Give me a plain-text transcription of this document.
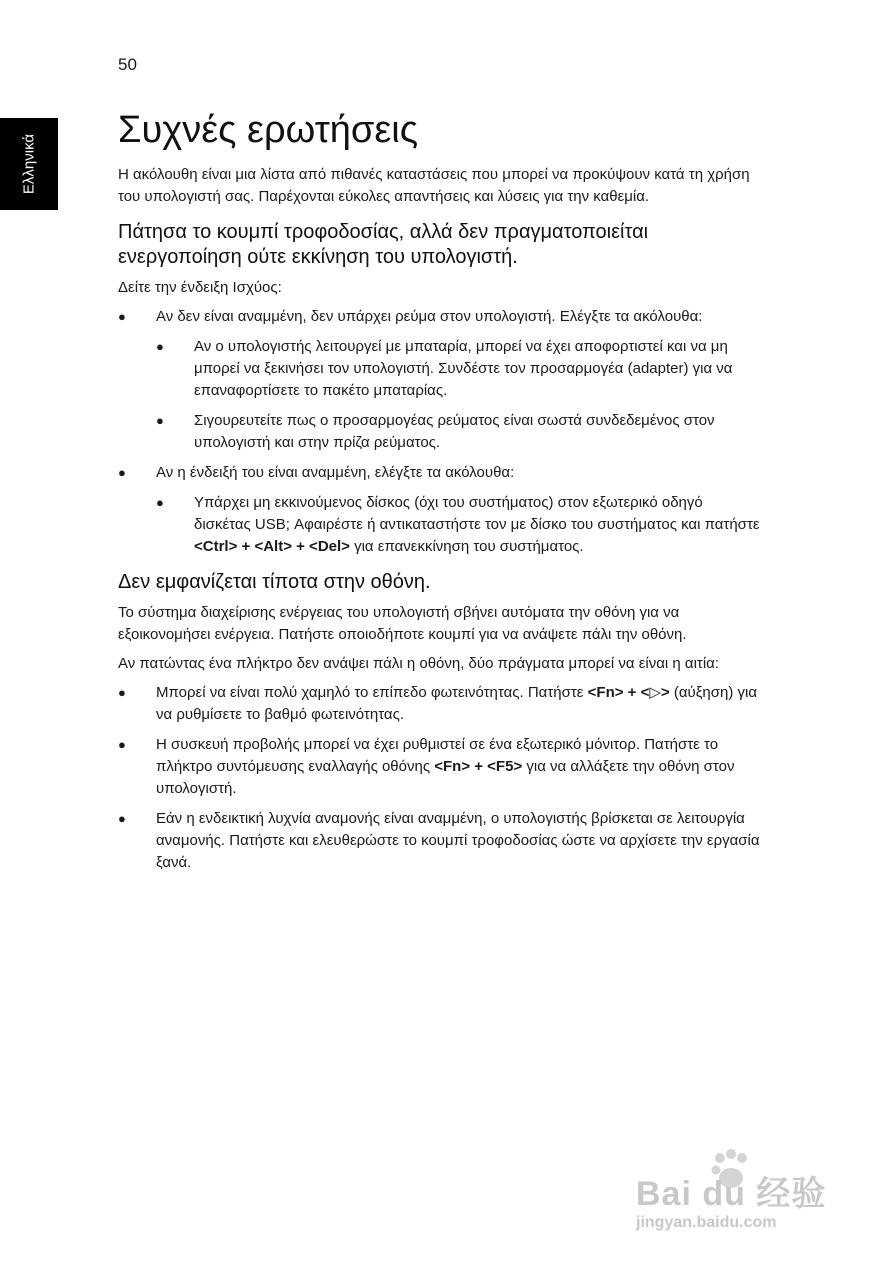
50
Ελληνικά
Συχνές ερωτήσεις

Η ακόλουθη είναι μια λίστα από πιθανές καταστάσεις που μπορεί να προκύψουν κατά τη χρήση του υπολογιστή σας. Παρέχονται εύκολες απαντήσεις και λύσεις για την καθεμία.

Πάτησα το κουμπί τροφοδοσίας, αλλά δεν πραγματοποιείται ενεργοποίηση ούτε εκκίνηση του υπολογιστή.

Δείτε την ένδειξη Ισχύος:

● Αν δεν είναι αναμμένη, δεν υπάρχει ρεύμα στον υπολογιστή. Ελέγξτε τα ακόλουθα:
● Αν ο υπολογιστής λειτουργεί με μπαταρία, μπορεί να έχει αποφορτιστεί και να μη μπορεί να ξεκινήσει τον υπολογιστή. Συνδέστε τον προσαρμογέα (adapter) για να επαναφορτίσετε το πακέτο μπαταρίας.
● Σιγουρευτείτε πως ο προσαρμογέας ρεύματος είναι σωστά συνδεδεμένος στον υπολογιστή και στην πρίζα ρεύματος.
● Αν η ένδειξή του είναι αναμμένη, ελέγξτε τα ακόλουθα:
● Υπάρχει μη εκκινούμενος δίσκος (όχι του συστήματος) στον εξωτερικό οδηγό δισκέτας USB; Αφαιρέστε ή αντικαταστήστε τον με δίσκο του συστήματος και πατήστε <Ctrl> + <Alt> + <Del> για επανεκκίνηση του συστήματος.
Δεν εμφανίζεται τίποτα στην οθόνη.

Το σύστημα διαχείρισης ενέργειας του υπολογιστή σβήνει αυτόματα την οθόνη για να εξοικονομήσει ενέργεια. Πατήστε οποιοδήποτε κουμπί για να ανάψετε πάλι την οθόνη.

Αν πατώντας ένα πλήκτρο δεν ανάψει πάλι η οθόνη, δύο πράγματα μπορεί να είναι η αιτία:

● Μπορεί να είναι πολύ χαμηλό το επίπεδο φωτεινότητας. Πατήστε <Fn> + <▷> (αύξηση) για να ρυθμίσετε το βαθμό φωτεινότητας.
● Η συσκευή προβολής μπορεί να έχει ρυθμιστεί σε ένα εξωτερικό μόνιτορ. Πατήστε το πλήκτρο συντόμευσης εναλλαγής οθόνης <Fn> + <F5> για να αλλάξετε την οθόνη στον υπολογιστή.
● Εάν η ενδεικτική λυχνία αναμονής είναι αναμμένη, ο υπολογιστής βρίσκεται σε λειτουργία αναμονής. Πατήστε και ελευθερώστε το κουμπί τροφοδοσίας ώστε να αρχίσετε την εργασία ξανά.
Bai du 经验
jingyan.baidu.com
